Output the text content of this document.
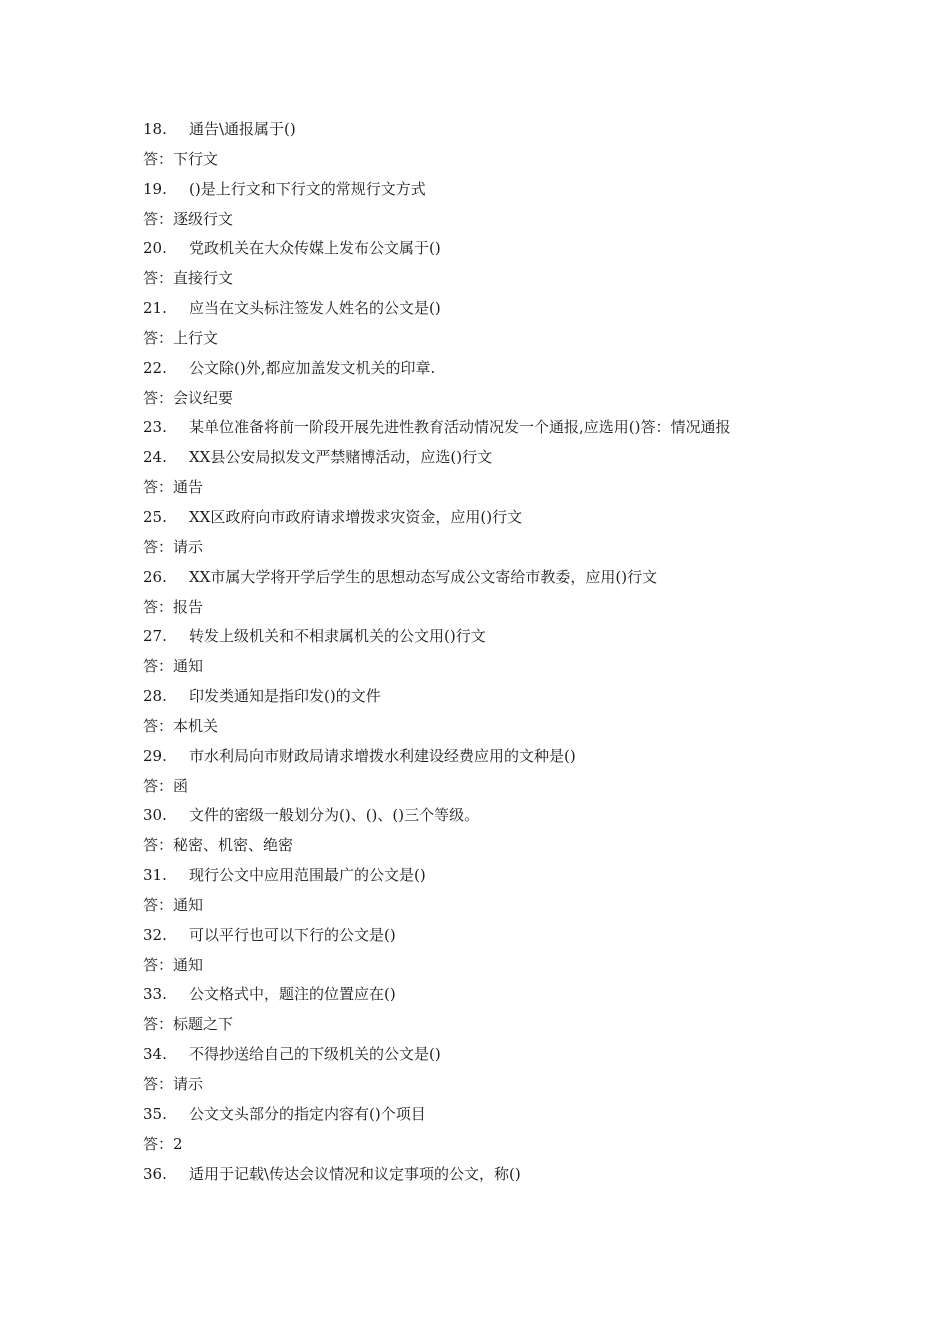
18.	通告\通报属于()
答：下行文
19.	()是上行文和下行文的常规行文方式
答：逐级行文
20.	党政机关在大众传媒上发布公文属于()
答：直接行文
21.	应当在文头标注签发人姓名的公文是()
答：上行文
22.	公文除()外,都应加盖发文机关的印章.
答：会议纪要
23.	某单位准备将前一阶段开展先进性教育活动情况发一个通报,应选用()答：情况通报
24.	XX县公安局拟发文严禁赌博活动，应选()行文
答：通告
25.	XX区政府向市政府请求增拨求灾资金，应用()行文
答：请示
26.	XX市属大学将开学后学生的思想动态写成公文寄给市教委，应用()行文
答：报告
27.	转发上级机关和不相隶属机关的公文用()行文
答：通知
28.	印发类通知是指印发()的文件
答：本机关
29.	市水利局向市财政局请求增拨水利建设经费应用的文种是()
答：函
30.	文件的密级一般划分为()、()、()三个等级。
答：秘密、机密、绝密
31.	现行公文中应用范围最广的公文是()
答：通知
32.	可以平行也可以下行的公文是()
答：通知
33.	公文格式中，题注的位置应在()
答：标题之下
34.	不得抄送给自己的下级机关的公文是()
答：请示
35.	公文文头部分的指定内容有()个项目
答：2
36.	适用于记载\传达会议情况和议定事项的公文，称()
